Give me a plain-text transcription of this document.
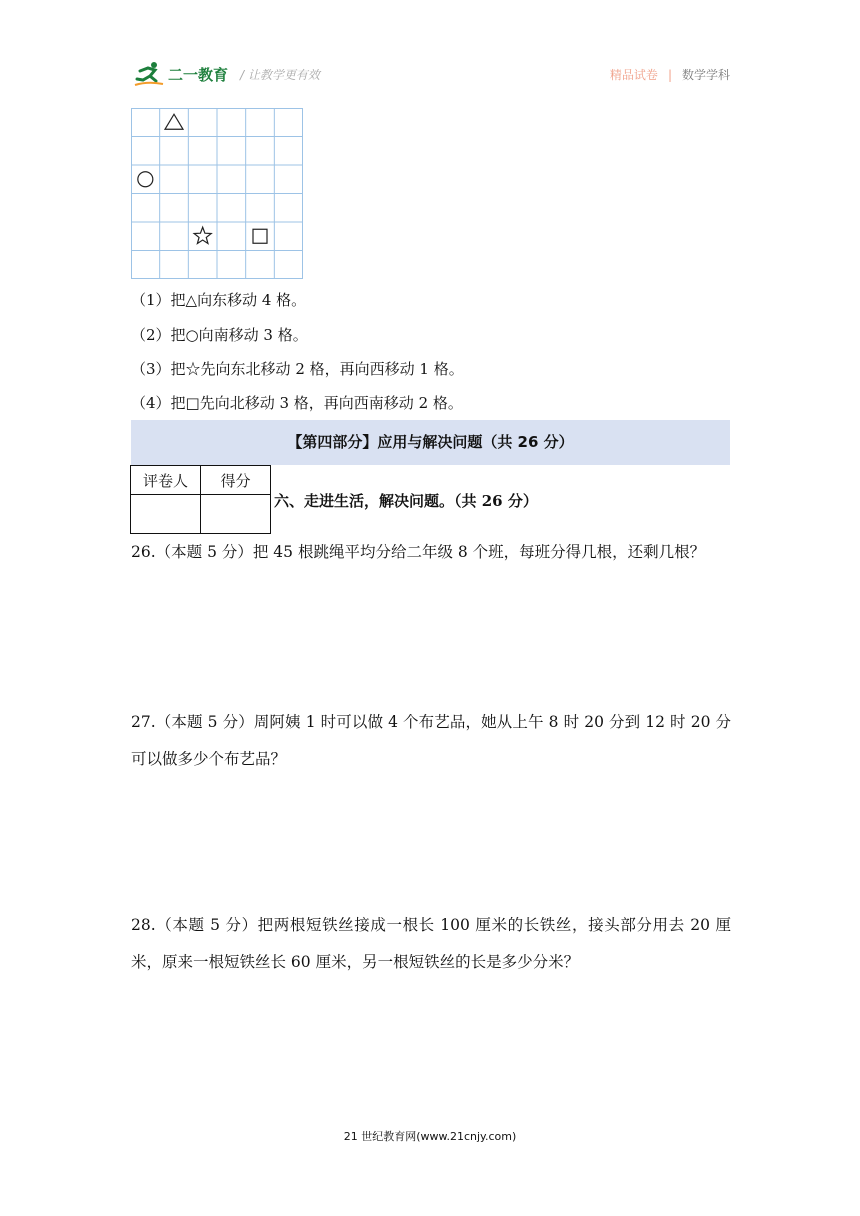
二一教育 / 让教学更有效	精品试卷 | 数学学科
（1）把△向东移动 4 格。
（2）把○向南移动 3 格。
（3）把☆先向东北移动 2 格，再向西移动 1 格。
（4）把□先向北移动 3 格，再向西南移动 2 格。
【第四部分】应用与解决问题（共 26 分）
评卷人	得分

六、走进生活，解决问题。（共 26 分）
26.（本题 5 分）把 45 根跳绳平均分给二年级 8 个班，每班分得几根，还剩几根？
27.（本题 5 分）周阿姨 1 时可以做 4 个布艺品，她从上午 8 时 20 分到 12 时 20 分可以做多少个布艺品？
28.（本题 5 分）把两根短铁丝接成一根长 100 厘米的长铁丝，接头部分用去 20 厘米，原来一根短铁丝长 60 厘米，另一根短铁丝的长是多少分米？
21 世纪教育网(www.21cnjy.com)
